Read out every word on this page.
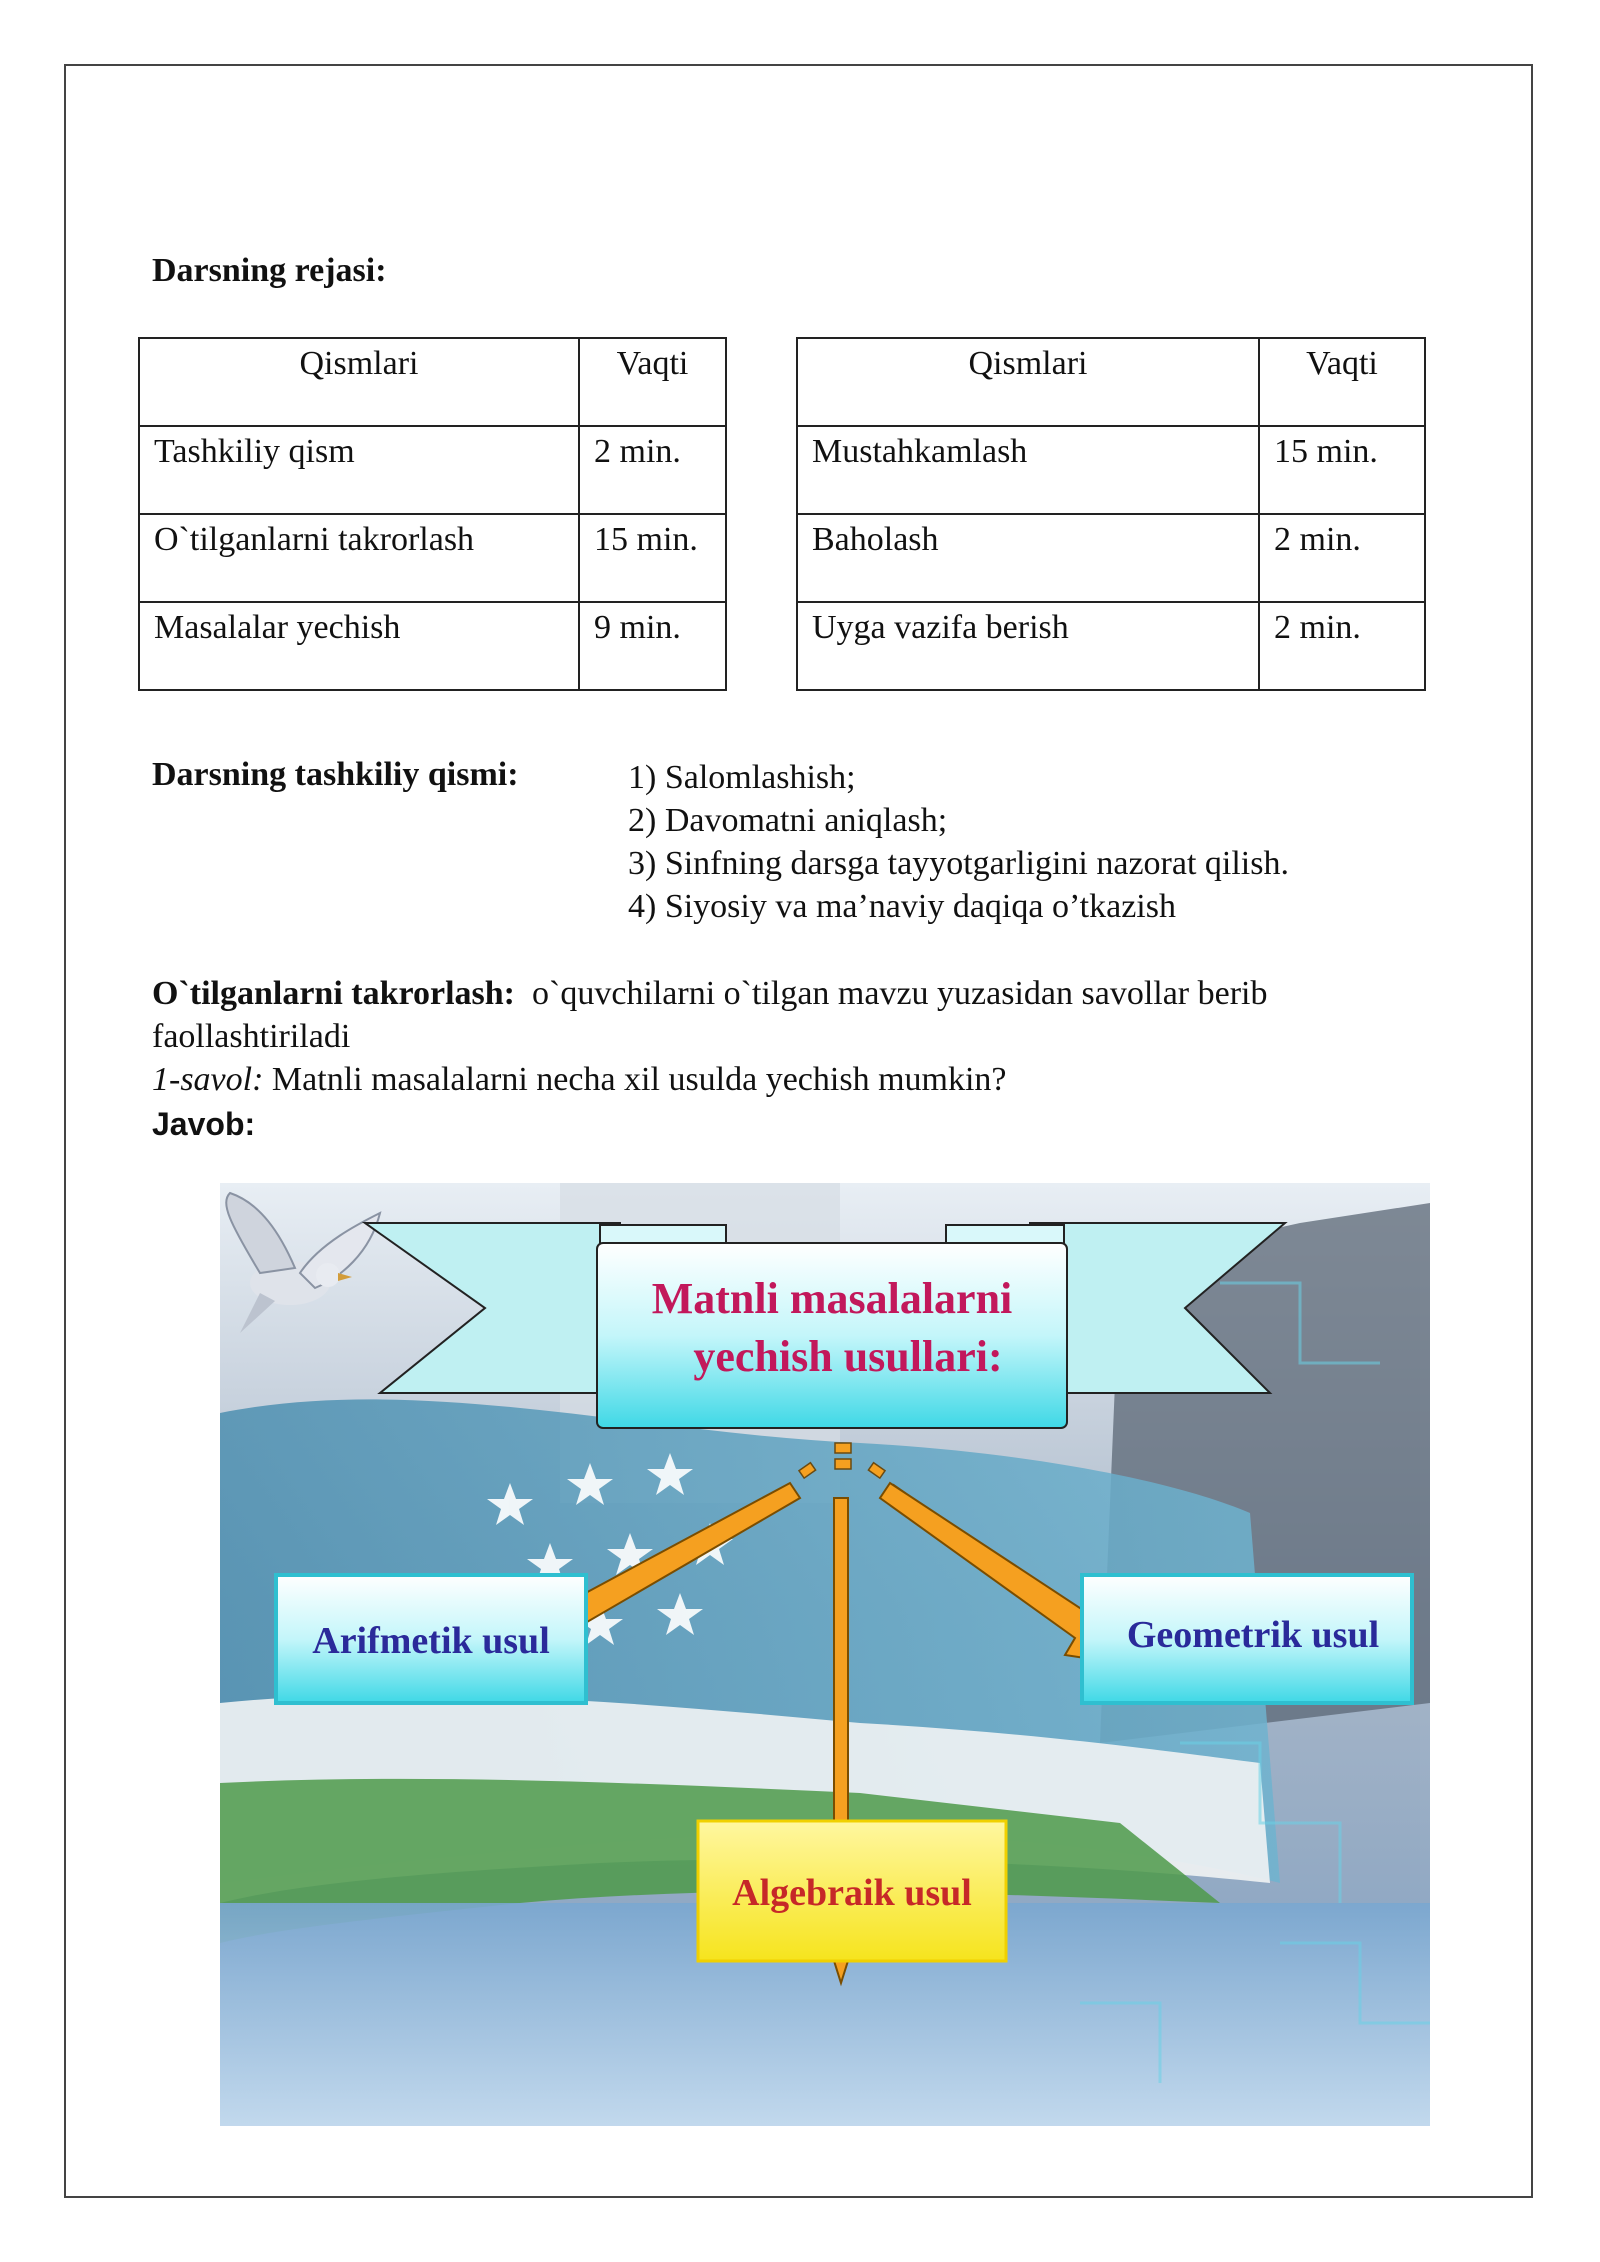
Darsning rejasi:
Qismlari	Vaqti
Tashkiliy qism	2 min.
O`tilganlarni takrorlash	15 min.
Masalalar yechish	9 min.
Qismlari	Vaqti
Mustahkamlash	15 min.
Baholash	2 min.
Uyga vazifa berish	2 min.
Darsning tashkiliy qismi:	1) Salomlashish;
2) Davomatni aniqlash;
3) Sinfning darsga tayyotgarligini nazorat qilish.
4) Siyosiy va ma’naviy daqiqa o’tkazish
O`tilganlarni takrorlash: o`quvchilarni o`tilgan mavzu yuzasidan savollar berib faollashtiriladi
1-savol: Matnli masalalarni necha xil usulda yechish mumkin?
Javob:
Matnli masalalarni
yechish usullari:
Arifmetik usul	Geometrik usul
Algebraik usul
